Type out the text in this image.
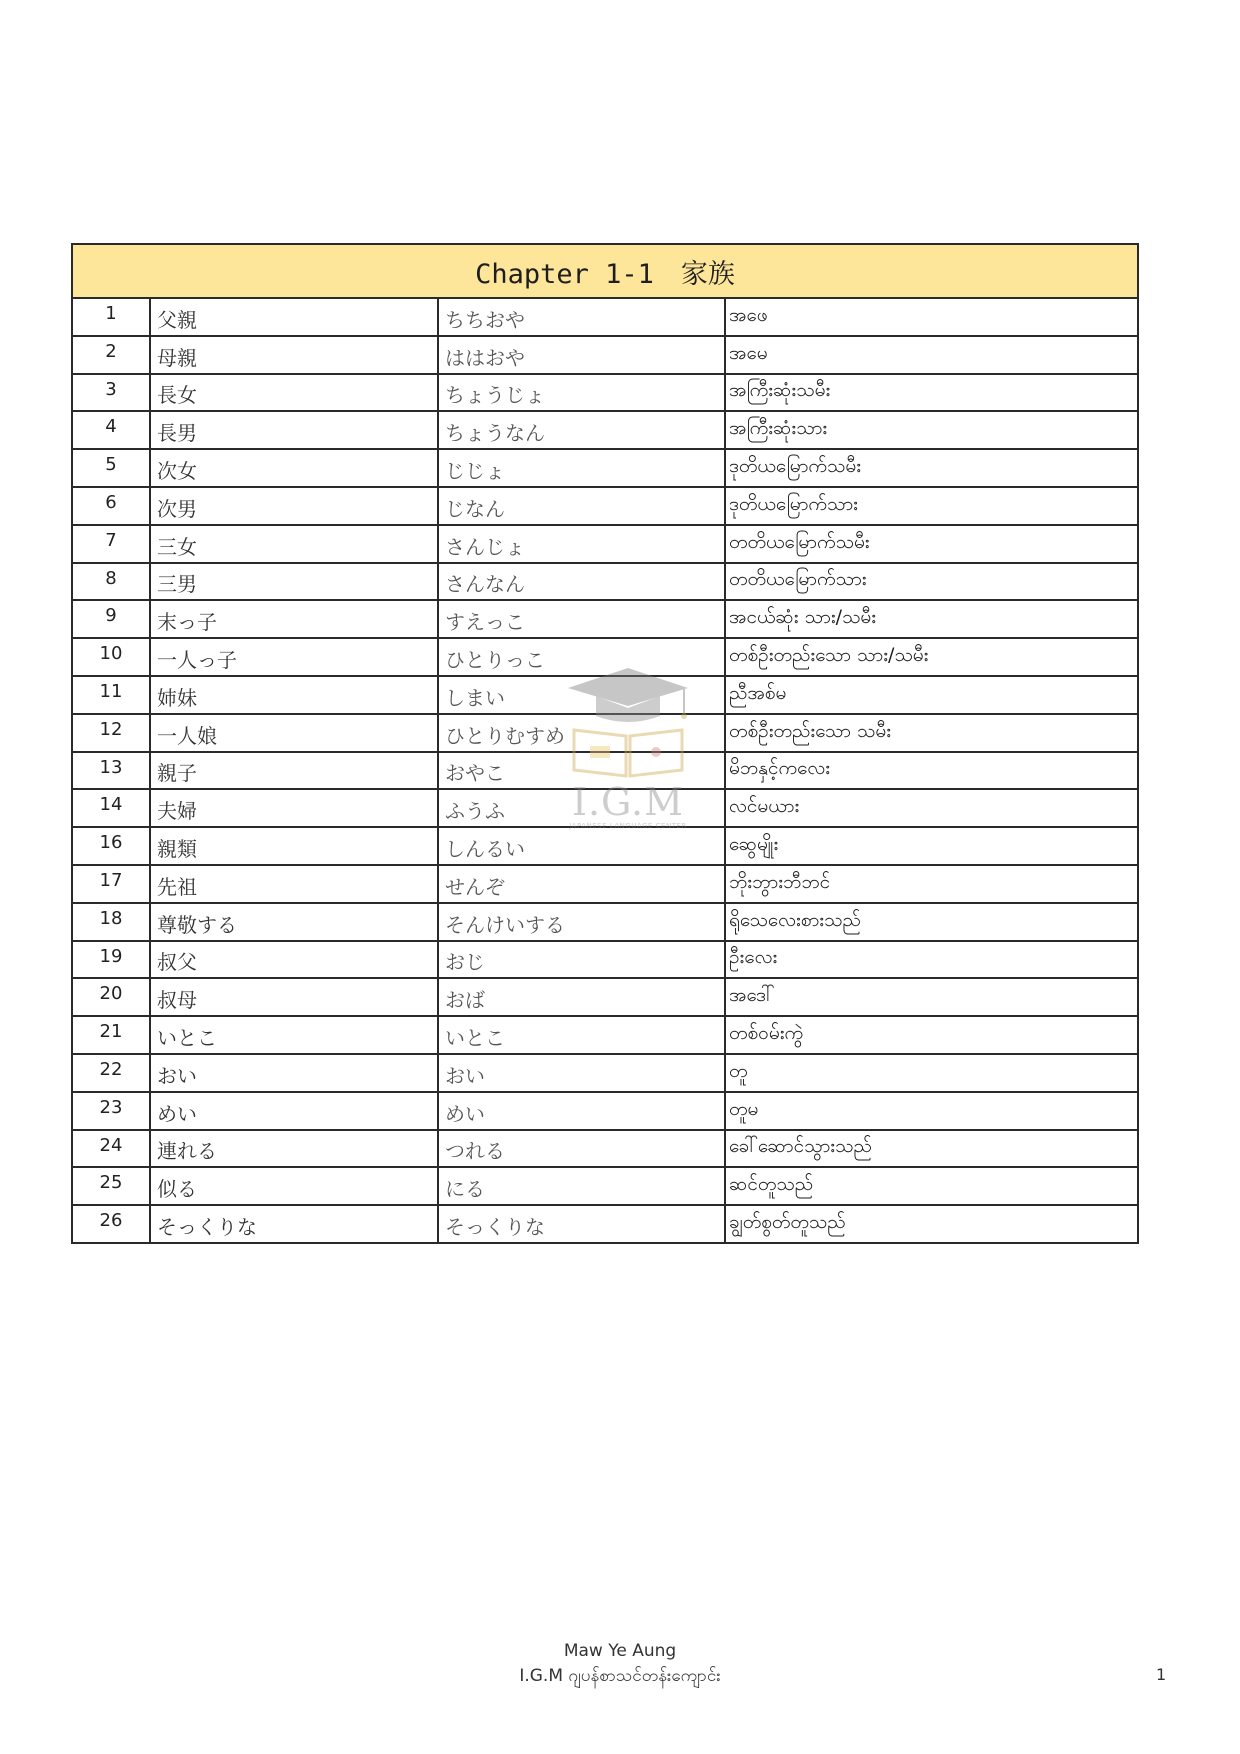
Chapter 1-1　家族			
1	父親	ちちおや	အဖေ
2	母親	ははおや	အမေ
3	長女	ちょうじょ	အကြီးဆုံးသမီး
4	長男	ちょうなん	အကြီးဆုံးသား
5	次女	じじょ	ဒုတိယမြောက်သမီး
6	次男	じなん	ဒုတိယမြောက်သား
7	三女	さんじょ	တတိယမြောက်သမီး
8	三男	さんなん	တတိယမြောက်သား
9	末っ子	すえっこ	အငယ်ဆုံး သား/သမီး
10	一人っ子	ひとりっこ	တစ်ဦးတည်းသော သား/သမီး
11	姉妹	しまい	ညီအစ်မ
12	一人娘	ひとりむすめ	တစ်ဦးတည်းသော သမီး
13	親子	おやこ	မိဘနှင့်ကလေး
14	夫婦	ふうふ	လင်မယား
16	親類	しんるい	ဆွေမျိုး
17	先祖	せんぞ	ဘိုးဘွားဘီဘင်
18	尊敬する	そんけいする	ရိုသေလေးစားသည်
19	叔父	おじ	ဦးလေး
20	叔母	おば	အဒေါ်
21	いとこ	いとこ	တစ်ဝမ်းကွဲ
22	おい	おい	တူ
23	めい	めい	တူမ
24	連れる	つれる	ခေါ်ဆောင်သွားသည်
25	似る	にる	ဆင်တူသည်
26	そっくりな	そっくりな	ချွတ်စွတ်တူသည်
I.G.M
JAPANESE LANGUAGE CENTER
Maw Ye Aung
I.G.M ဂျပန်စာသင်တန်းကျောင်း	1
